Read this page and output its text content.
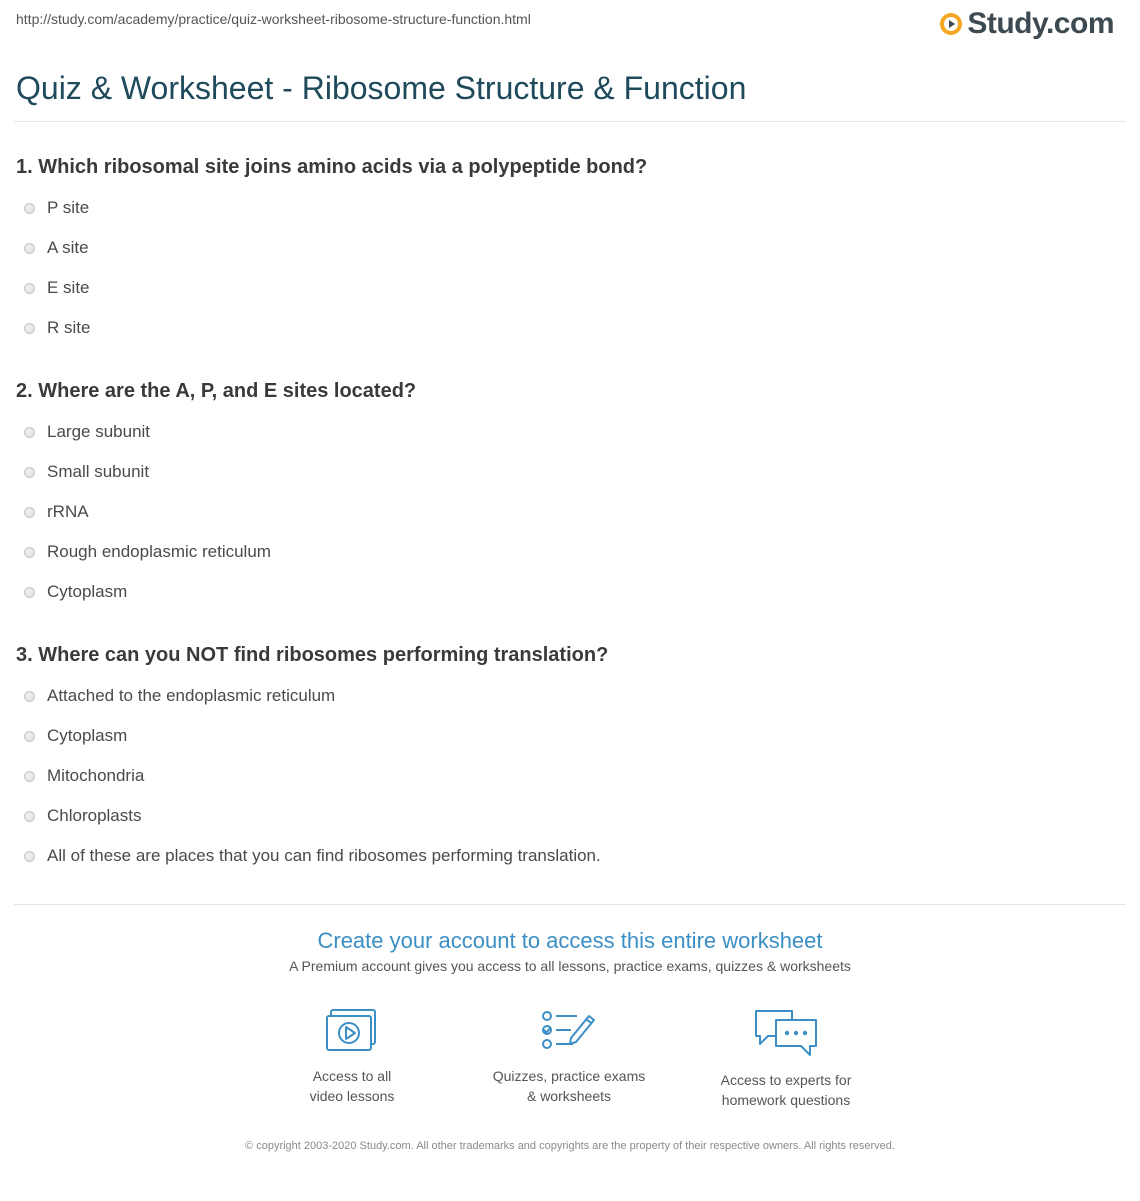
http://study.com/academy/practice/quiz-worksheet-ribosome-structure-function.html	Study.com
Quiz & Worksheet - Ribosome Structure & Function
1. Which ribosomal site joins amino acids via a polypeptide bond?
P site
A site
E site
R site
2. Where are the A, P, and E sites located?
Large subunit
Small subunit
rRNA
Rough endoplasmic reticulum
Cytoplasm
3. Where can you NOT find ribosomes performing translation?
Attached to the endoplasmic reticulum
Cytoplasm
Mitochondria
Chloroplasts
All of these are places that you can find ribosomes performing translation.
Create your account to access this entire worksheet
A Premium account gives you access to all lessons, practice exams, quizzes & worksheets
Access to all
video lessons
Quizzes, practice exams
& worksheets
Access to experts for
homework questions
© copyright 2003-2020 Study.com. All other trademarks and copyrights are the property of their respective owners. All rights reserved.
